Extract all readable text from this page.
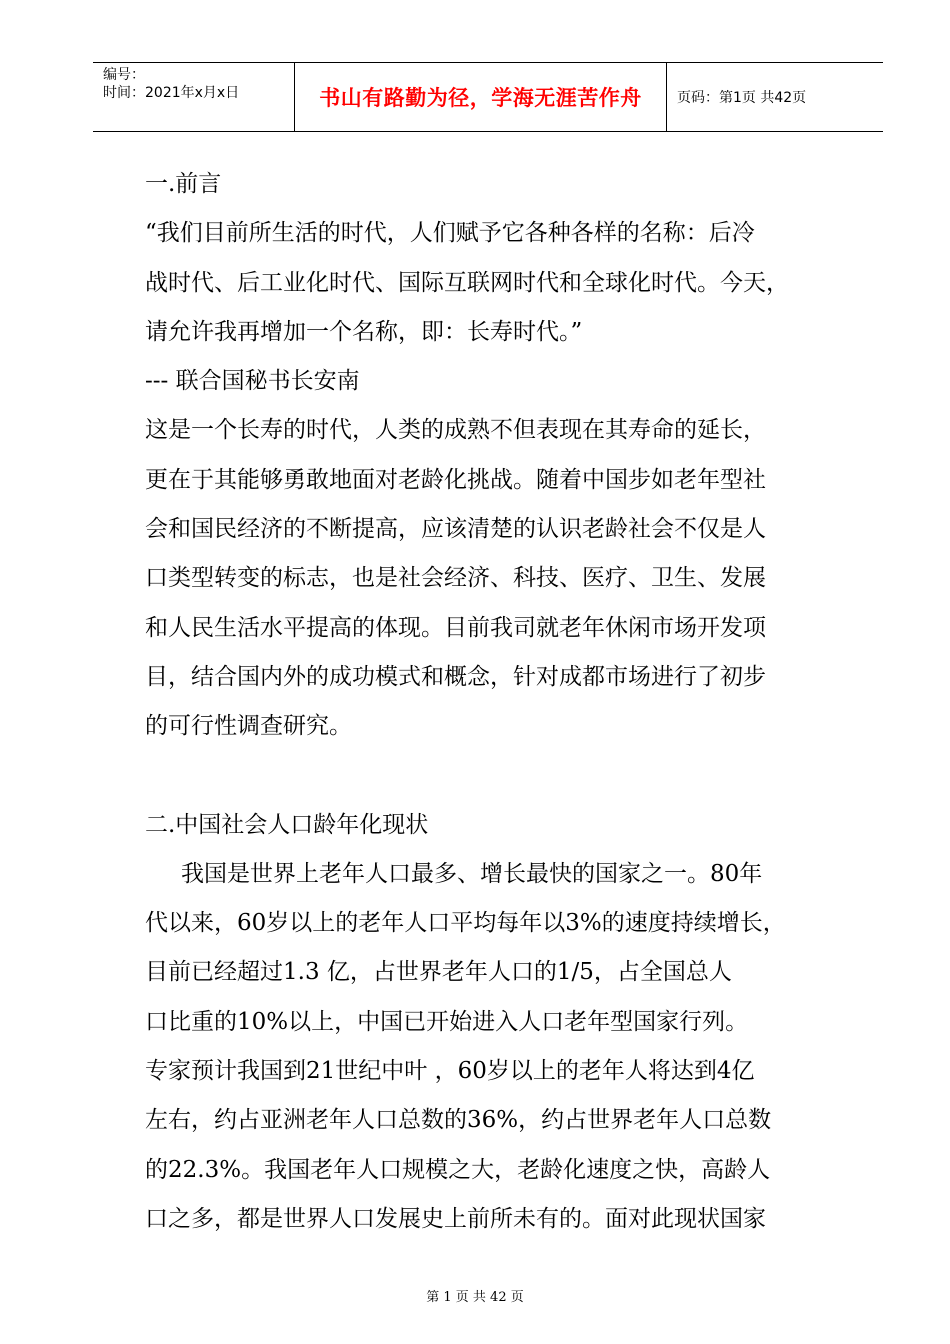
编号：
时间：2021年x月x日	书山有路勤为径，学海无涯苦作舟	页码：第1页 共42页

一.前言

“我们目前所生活的时代，人们赋予它各种各样的名称：后冷

战时代、后工业化时代、国际互联网时代和全球化时代。今天，

请允许我再增加一个名称，即：长寿时代。”

--- 联合国秘书长安南

这是一个长寿的时代，人类的成熟不但表现在其寿命的延长，

更在于其能够勇敢地面对老龄化挑战。随着中国步如老年型社

会和国民经济的不断提高，应该清楚的认识老龄社会不仅是人

口类型转变的标志，也是社会经济、科技、医疗、卫生、发展

和人民生活水平提高的体现。目前我司就老年休闲市场开发项

目，结合国内外的成功模式和概念，针对成都市场进行了初步

的可行性调查研究。

二.中国社会人口龄年化现状

我国是世界上老年人口最多、增长最快的国家之一。80年

代以来，60岁以上的老年人口平均每年以3%的速度持续增长，

目前已经超过1.3 亿，占世界老年人口的1/5，占全国总人

口比重的10%以上，中国已开始进入人口老年型国家行列。

专家预计我国到21世纪中叶 ，60岁以上的老年人将达到4亿

左右，约占亚洲老年人口总数的36%，约占世界老年人口总数

的22.3%。我国老年人口规模之大，老龄化速度之快，高龄人

口之多，都是世界人口发展史上前所未有的。面对此现状国家

第 1 页 共 42 页
